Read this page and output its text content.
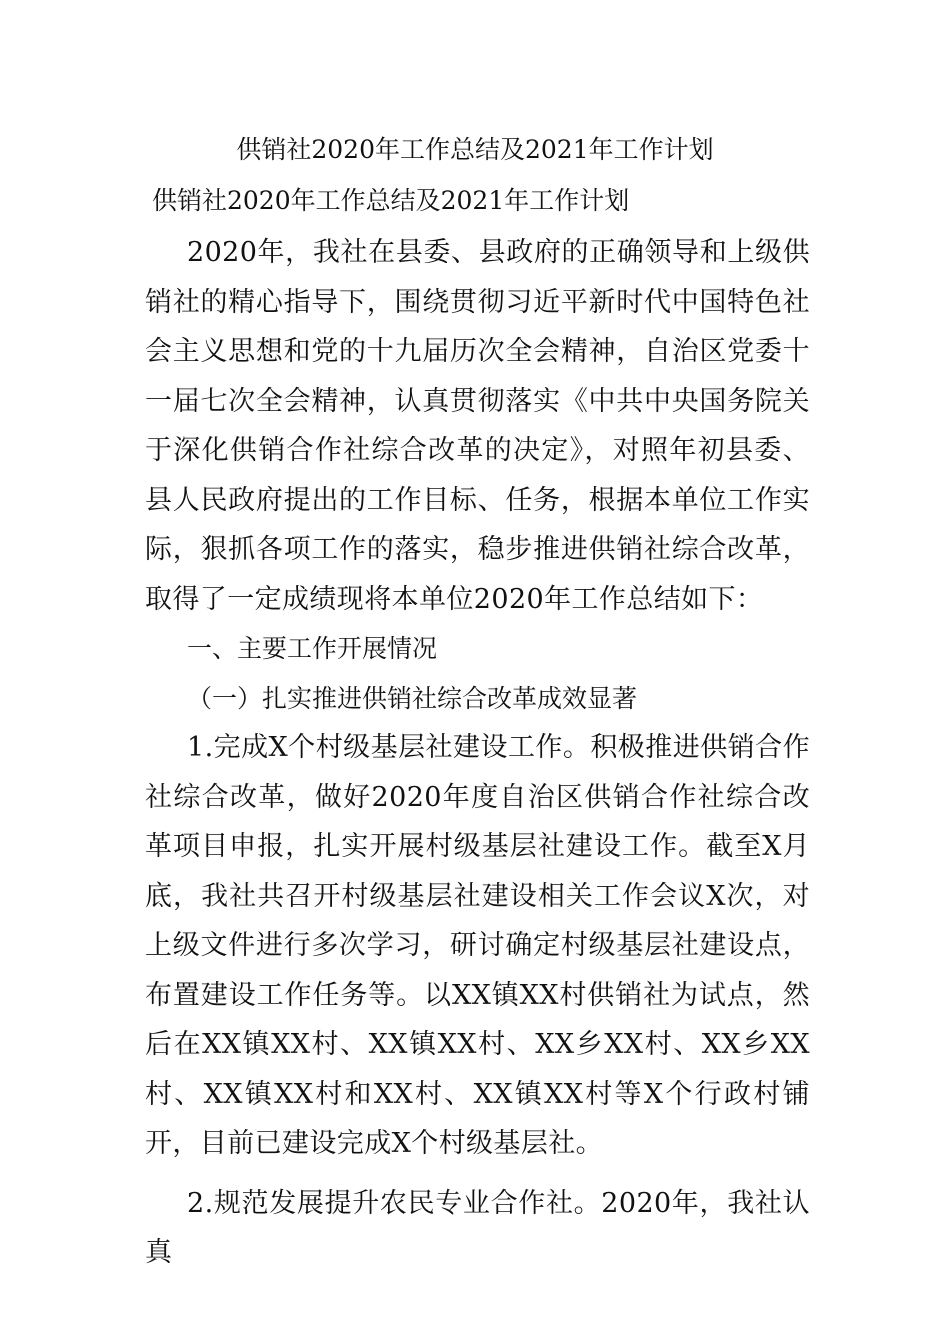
供销社2020年工作总结及2021年工作计划
供销社2020年工作总结及2021年工作计划

2020年，我社在县委、县政府的正确领导和上级供销社的精心指导下，围绕贯彻习近平新时代中国特色社会主义思想和党的十九届历次全会精神，自治区党委十一届七次全会精神，认真贯彻落实《中共中央国务院关于深化供销合作社综合改革的决定》，对照年初县委、县人民政府提出的工作目标、任务，根据本单位工作实际，狠抓各项工作的落实，稳步推进供销社综合改革，取得了一定成绩现将本单位2020年工作总结如下：

一、主要工作开展情况

（一）扎实推进供销社综合改革成效显著

1.完成X个村级基层社建设工作。积极推进供销合作社综合改革，做好2020年度自治区供销合作社综合改革项目申报，扎实开展村级基层社建设工作。截至X月底，我社共召开村级基层社建设相关工作会议X次，对上级文件进行多次学习，研讨确定村级基层社建设点，布置建设工作任务等。以XX镇XX村供销社为试点，然后在XX镇XX村、XX镇XX村、XX乡XX村、XX乡XX村、XX镇XX村和XX村、XX镇XX村等X个行政村铺开，目前已建设完成X个村级基层社。

2.规范发展提升农民专业合作社。2020年，我社认真
